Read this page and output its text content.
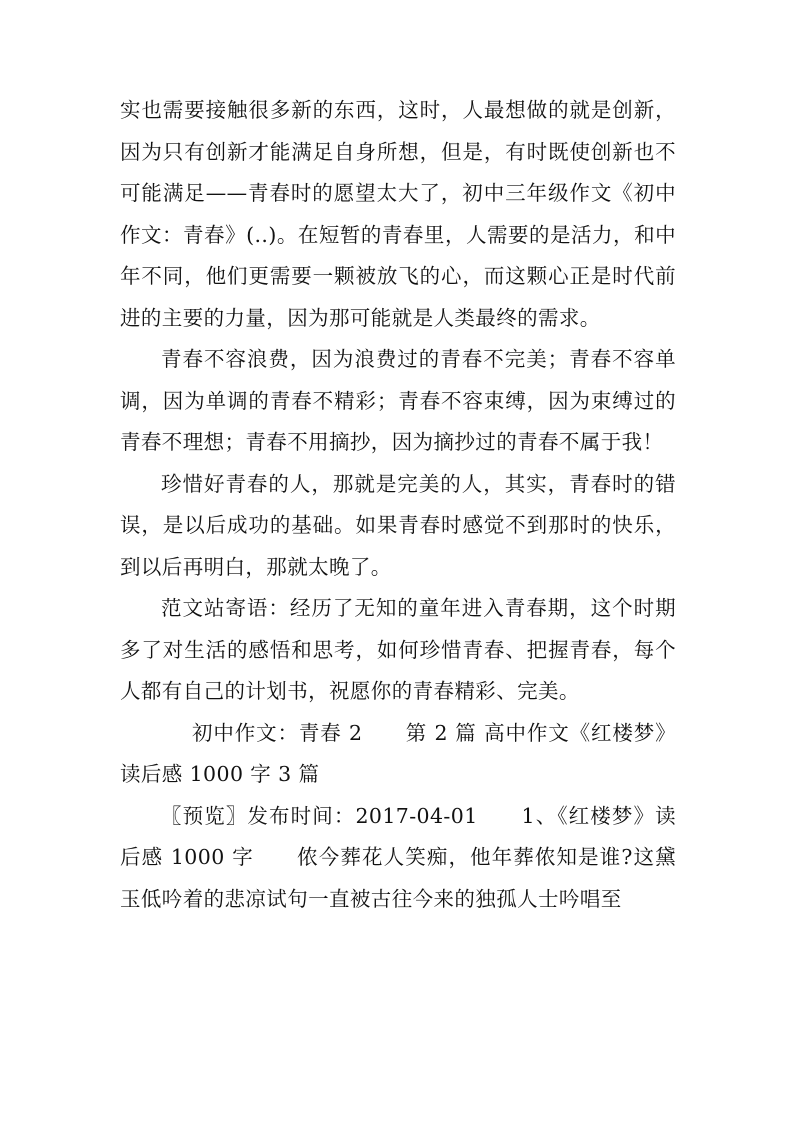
实也需要接触很多新的东西，这时，人最想做的就是创新，因为只有创新才能满足自身所想，但是，有时既使创新也不可能满足——青春时的愿望太大了，初中三年级作文《初中作文：青春》(..)。在短暂的青春里，人需要的是活力，和中年不同，他们更需要一颗被放飞的心，而这颗心正是时代前进的主要的力量，因为那可能就是人类最终的需求。

青春不容浪费，因为浪费过的青春不完美；青春不容单调，因为单调的青春不精彩；青春不容束缚，因为束缚过的青春不理想；青春不用摘抄，因为摘抄过的青春不属于我！

珍惜好青春的人，那就是完美的人，其实，青春时的错误，是以后成功的基础。如果青春时感觉不到那时的快乐，到以后再明白，那就太晚了。

范文站寄语：经历了无知的童年进入青春期，这个时期多了对生活的感悟和思考，如何珍惜青春、把握青春，每个人都有自己的计划书，祝愿你的青春精彩、完美。

初中作文：青春 2　　第 2 篇 高中作文《红楼梦》读后感 1000 字 3 篇

〖预览〗发布时间：2017-04-01　　1、《红楼梦》读后感 1000 字　　侬今葬花人笑痴，他年葬侬知是谁?这黛玉低吟着的悲凉试句一直被古往今来的独孤人士吟唱至
